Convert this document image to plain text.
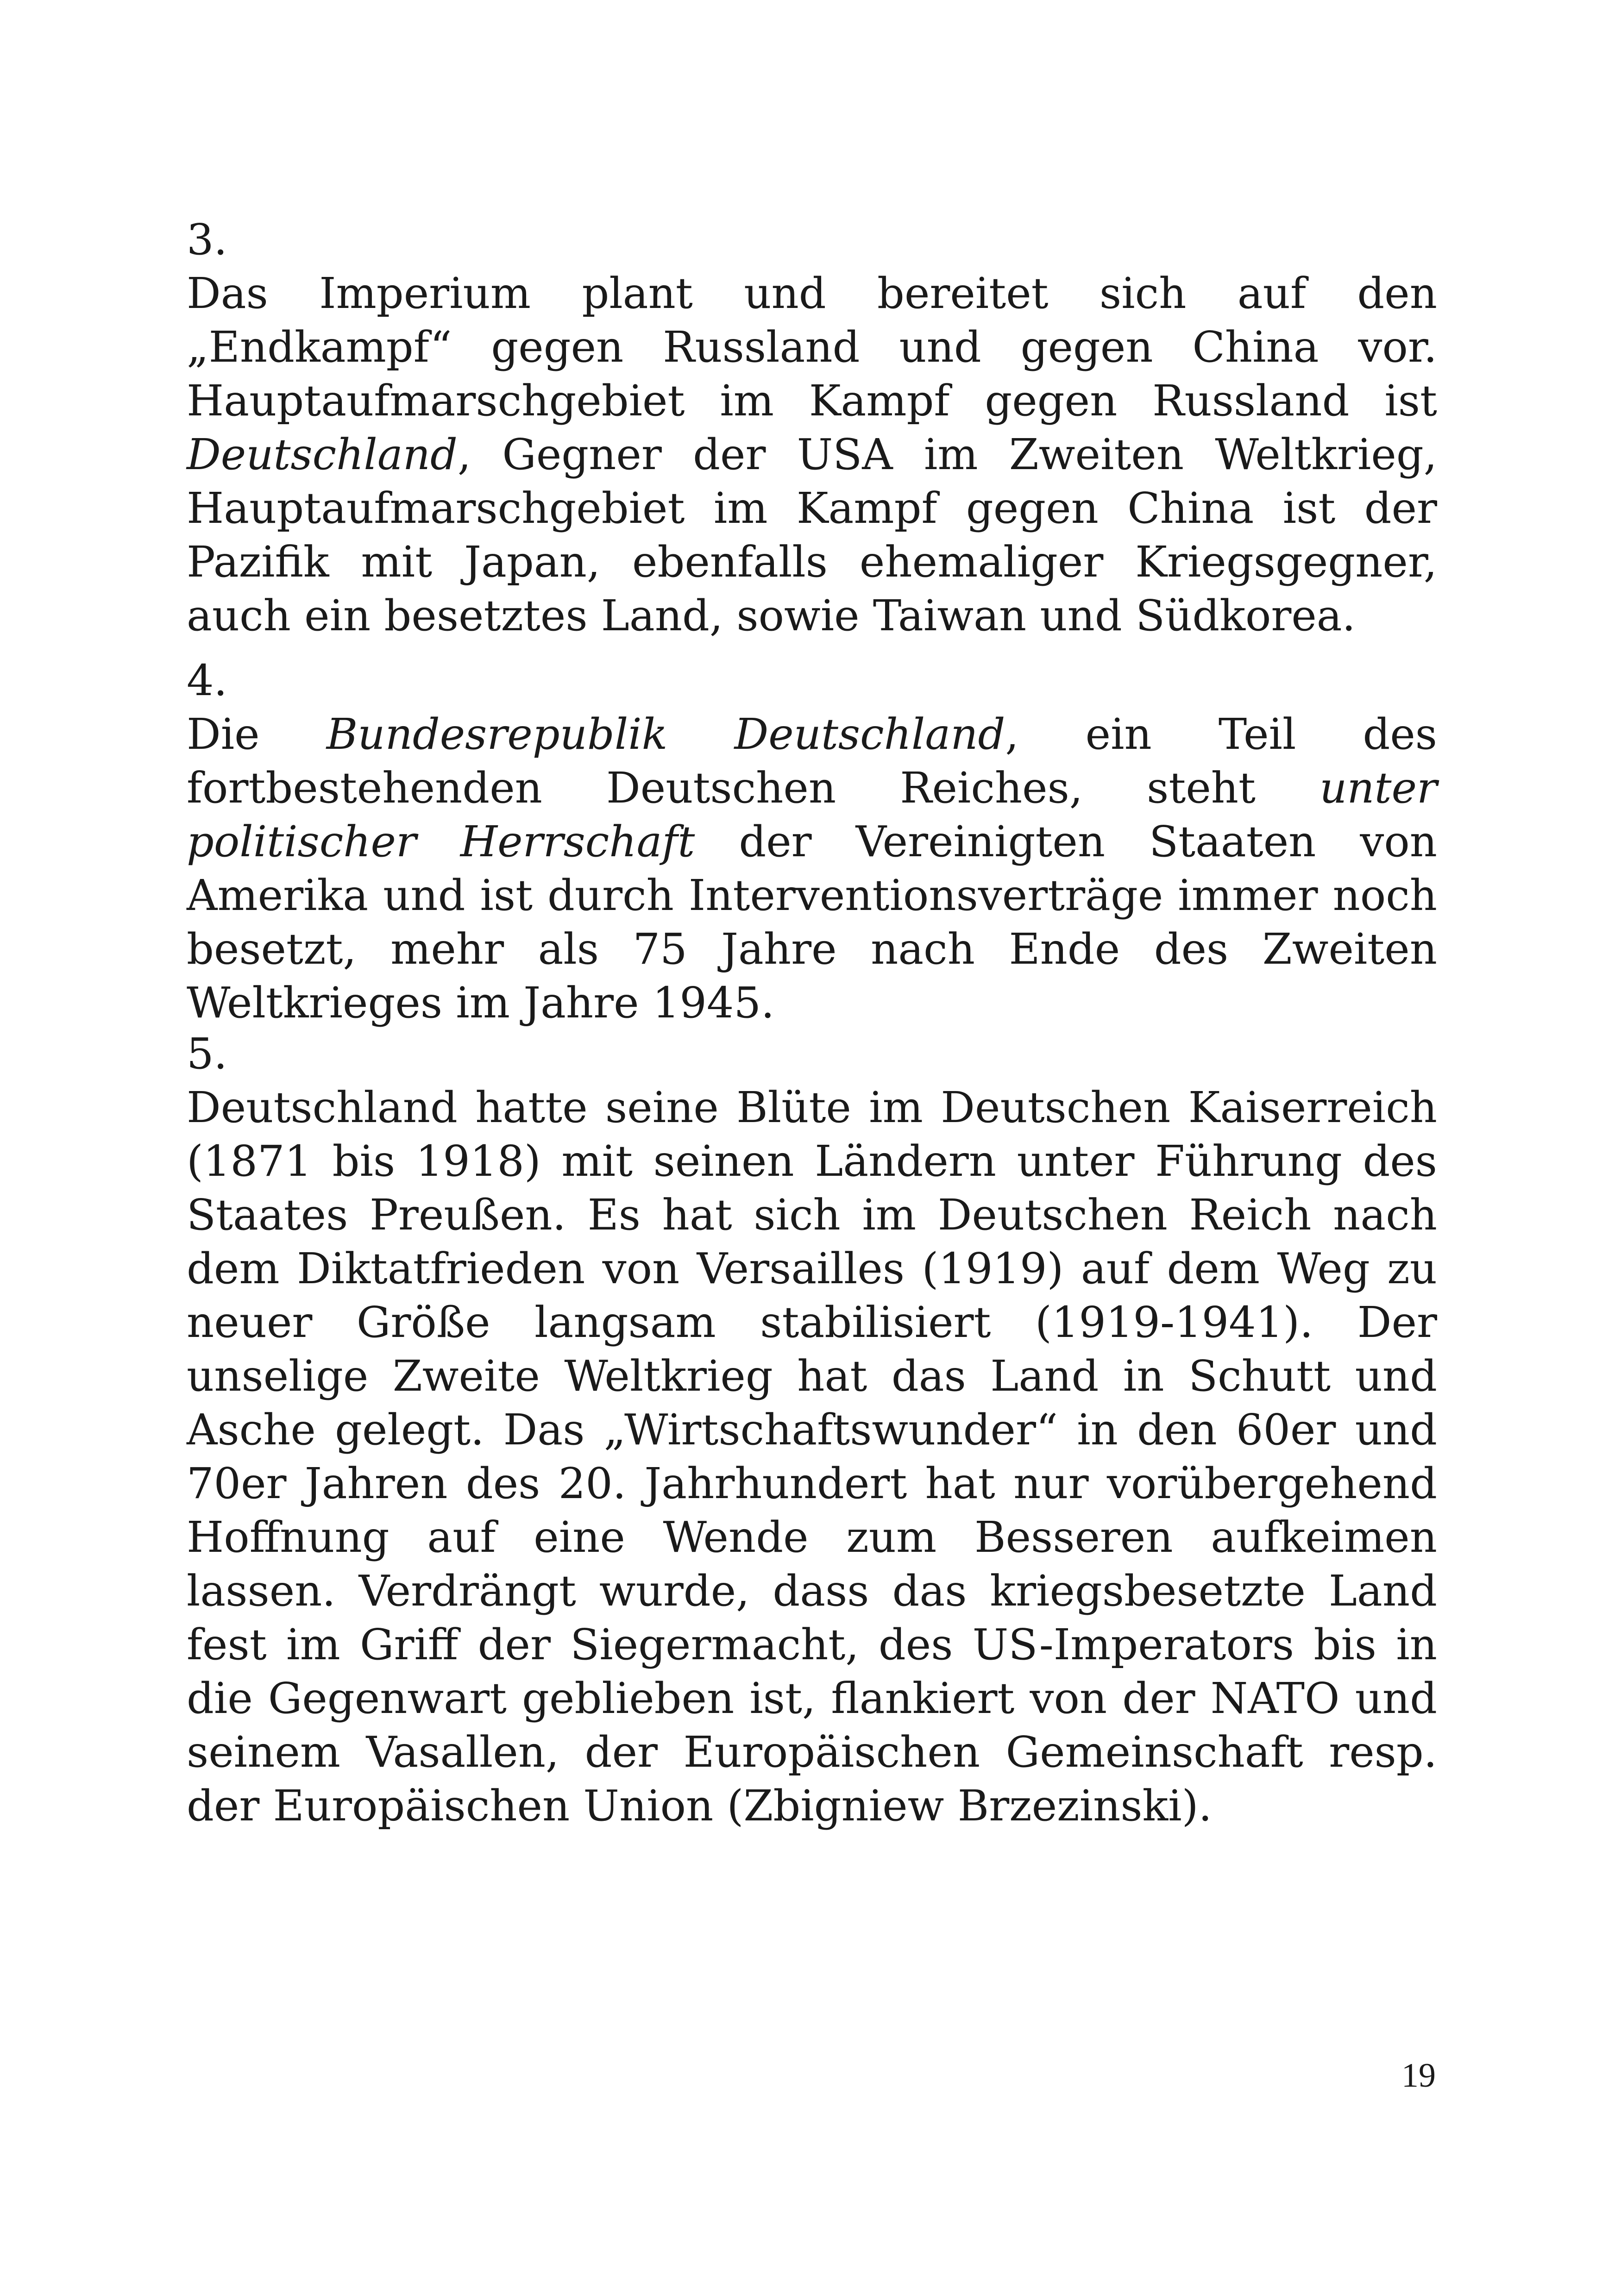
3.
Das Imperium plant und bereitet sich auf den „Endkampf“ gegen Russland und gegen China vor. Hauptaufmarschgebiet im Kampf gegen Russland ist Deutschland, Gegner der USA im Zweiten Weltkrieg, Hauptaufmarschgebiet im Kampf gegen China ist der Pazifik mit Japan, ebenfalls ehemaliger Kriegsgegner, auch ein besetztes Land, sowie Taiwan und Südkorea.
4.
Die Bundesrepublik Deutschland, ein Teil des fortbestehenden Deutschen Reiches, steht unter politischer Herrschaft der Vereinigten Staaten von Amerika und ist durch Interventionsverträge immer noch besetzt, mehr als 75 Jahre nach Ende des Zweiten Weltkrieges im Jahre 1945.
5.
Deutschland hatte seine Blüte im Deutschen Kaiserreich (1871 bis 1918) mit seinen Ländern unter Führung des Staates Preußen. Es hat sich im Deutschen Reich nach dem Diktatfrieden von Versailles (1919) auf dem Weg zu neuer Größe langsam stabilisiert (1919-1941). Der unselige Zweite Weltkrieg hat das Land in Schutt und Asche gelegt. Das „Wirtschaftswunder“ in den 60er und 70er Jahren des 20. Jahrhundert hat nur vorübergehend Hoffnung auf eine Wende zum Besseren aufkeimen lassen. Verdrängt wurde, dass das kriegsbesetzte Land fest im Griff der Siegermacht, des US-Imperators bis in die Gegenwart geblieben ist, flankiert von der NATO und seinem Vasallen, der Europäischen Gemeinschaft resp. der Europäischen Union (Zbigniew Brzezinski).
19
